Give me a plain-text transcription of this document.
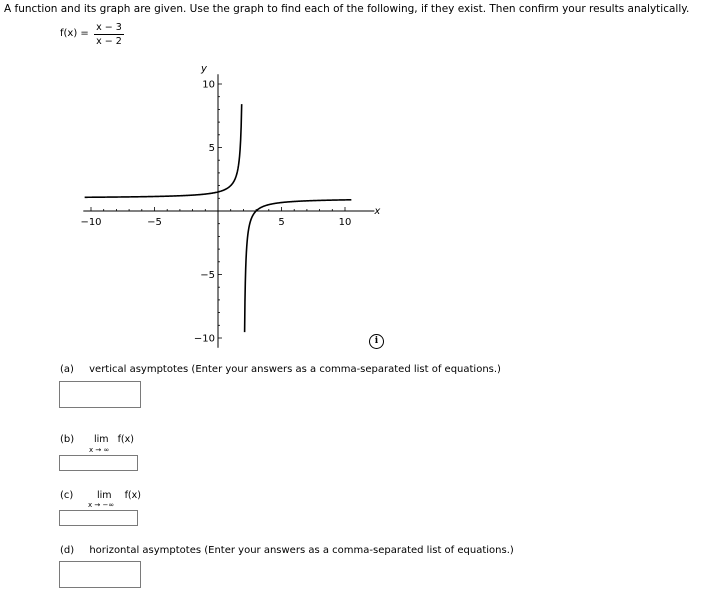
A function and its graph are given. Use the graph to find each of the following, if they exist. Then confirm your results analytically.
$f(x) = \frac{x - 3}{x - 2}$
−10	−5	5	10
10
5
−5
−10
x
y
i
(a) vertical asymptotes (Enter your answers as a comma-separated list of equations.)
(b) lim f(x)
x → ∞
(c) lim f(x)
x → −∞
(d) horizontal asymptotes (Enter your answers as a comma-separated list of equations.)
